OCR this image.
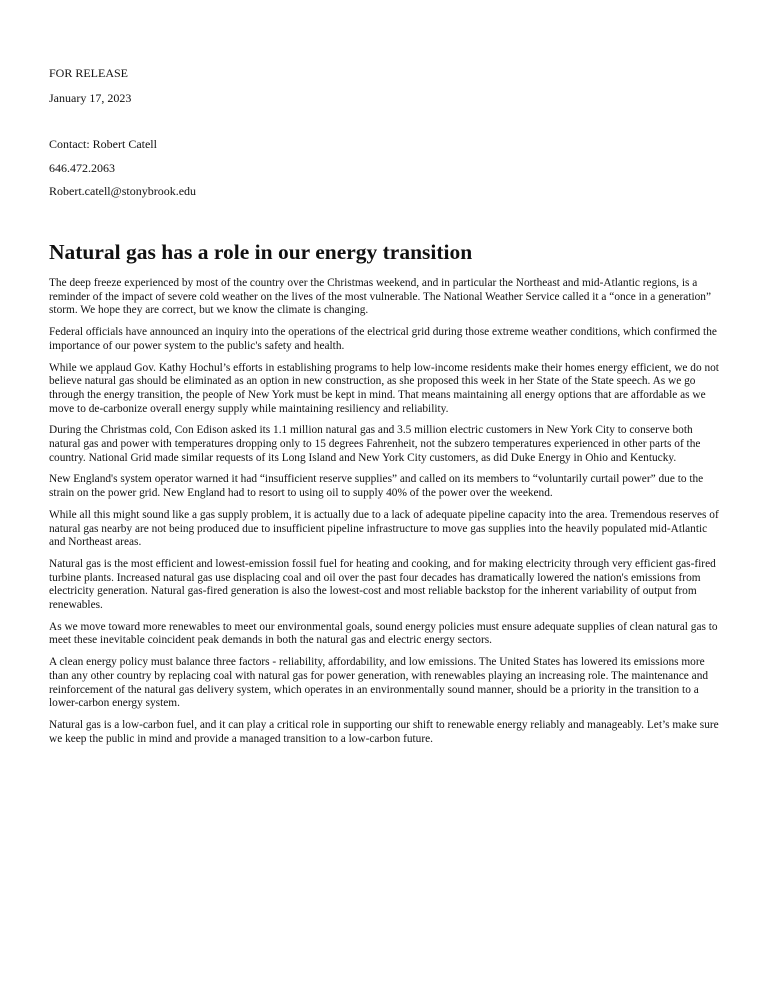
FOR RELEASE

January 17, 2023

Contact: Robert Catell

646.472.2063

Robert.catell@stonybrook.edu

Natural gas has a role in our energy transition

The deep freeze experienced by most of the country over the Christmas weekend, and in particular the Northeast and mid-Atlantic regions, is a reminder of the impact of severe cold weather on the lives of the most vulnerable. The National Weather Service called it a “once in a generation” storm. We hope they are correct, but we know the climate is changing.

Federal officials have announced an inquiry into the operations of the electrical grid during those extreme weather conditions, which confirmed the importance of our power system to the public's safety and health.

While we applaud Gov. Kathy Hochul’s efforts in establishing programs to help low-income residents make their homes energy efficient, we do not believe natural gas should be eliminated as an option in new construction, as she proposed this week in her State of the State speech. As we go through the energy transition, the people of New York must be kept in mind. That means maintaining all energy options that are affordable as we move to de-carbonize overall energy supply while maintaining resiliency and reliability.

During the Christmas cold, Con Edison asked its 1.1 million natural gas and 3.5 million electric customers in New York City to conserve both natural gas and power with temperatures dropping only to 15 degrees Fahrenheit, not the subzero temperatures experienced in other parts of the country. National Grid made similar requests of its Long Island and New York City customers, as did Duke Energy in Ohio and Kentucky.

New England's system operator warned it had “insufficient reserve supplies” and called on its members to “voluntarily curtail power” due to the strain on the power grid. New England had to resort to using oil to supply 40% of the power over the weekend.

While all this might sound like a gas supply problem, it is actually due to a lack of adequate pipeline capacity into the area. Tremendous reserves of natural gas nearby are not being produced due to insufficient pipeline infrastructure to move gas supplies into the heavily populated mid-Atlantic and Northeast areas.

Natural gas is the most efficient and lowest-emission fossil fuel for heating and cooking, and for making electricity through very efficient gas-fired turbine plants. Increased natural gas use displacing coal and oil over the past four decades has dramatically lowered the nation's emissions from electricity generation. Natural gas-fired generation is also the lowest-cost and most reliable backstop for the inherent variability of output from renewables.

As we move toward more renewables to meet our environmental goals, sound energy policies must ensure adequate supplies of clean natural gas to meet these inevitable coincident peak demands in both the natural gas and electric energy sectors.

A clean energy policy must balance three factors - reliability, affordability, and low emissions. The United States has lowered its emissions more than any other country by replacing coal with natural gas for power generation, with renewables playing an increasing role. The maintenance and reinforcement of the natural gas delivery system, which operates in an environmentally sound manner, should be a priority in the transition to a lower-carbon energy system.

Natural gas is a low-carbon fuel, and it can play a critical role in supporting our shift to renewable energy reliably and manageably. Let’s make sure we keep the public in mind and provide a managed transition to a low-carbon future.
